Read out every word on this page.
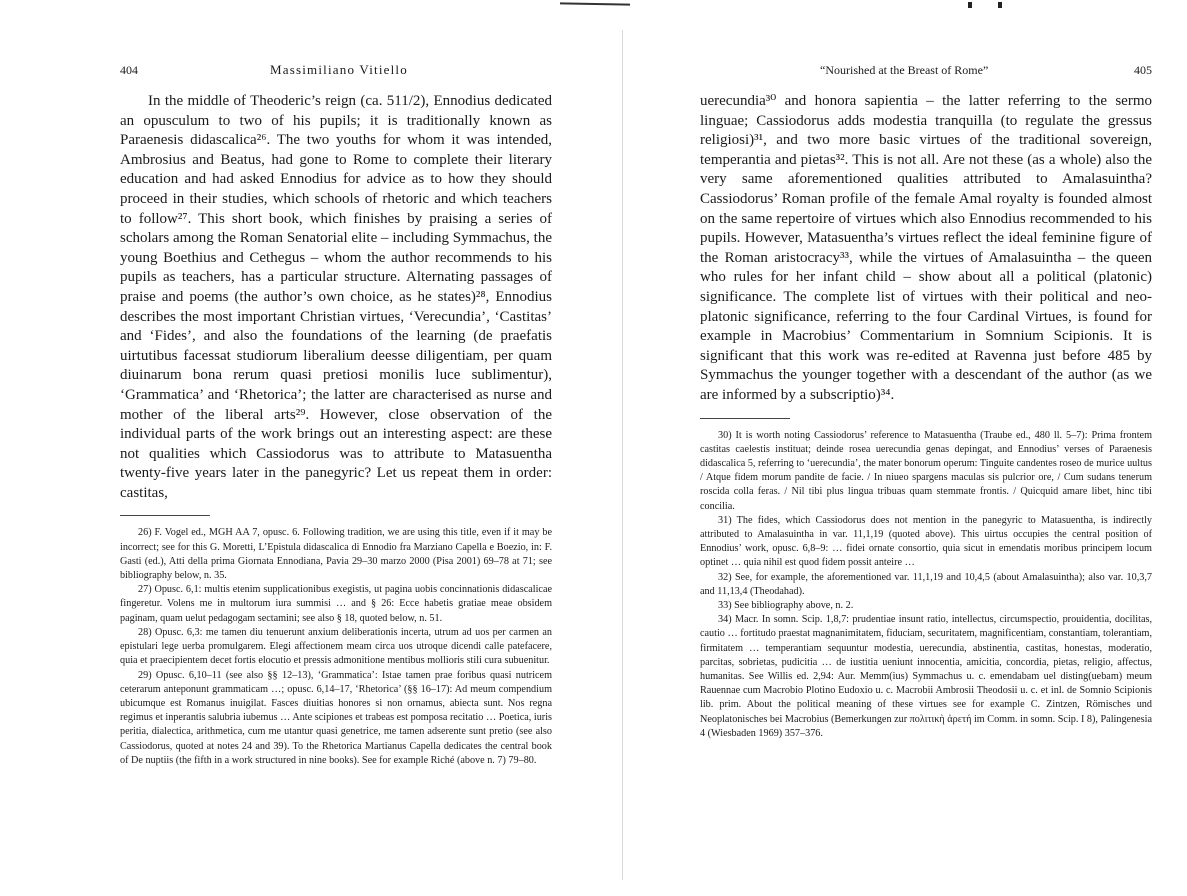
404	Massimiliano Vitiello

In the middle of Theoderic’s reign (ca. 511/2), Ennodius dedicated an opusculum to two of his pupils; it is traditionally known as Paraenesis didascalica²⁶. The two youths for whom it was intended, Ambrosius and Beatus, had gone to Rome to complete their literary education and had asked Ennodius for advice as to how they should proceed in their studies, which schools of rhetoric and which teachers to follow²⁷. This short book, which finishes by praising a series of scholars among the Roman Senatorial elite – including Symmachus, the young Boethius and Cethegus – whom the author recommends to his pupils as teachers, has a particular structure. Alternating passages of praise and poems (the author’s own choice, as he states)²⁸, Ennodius describes the most important Christian virtues, ‘Verecundia’, ‘Castitas’ and ‘Fides’, and also the foundations of the learning (de praefatis uirtutibus facessat studiorum liberalium deesse diligentiam, per quam diuinarum bona rerum quasi pretiosi monilis luce sublimentur), ‘Grammatica’ and ‘Rhetorica’; the latter are characterised as nurse and mother of the liberal arts²⁹. However, close observation of the individual parts of the work brings out an interesting aspect: are these not qualities which Cassiodorus was to attribute to Matasuentha twenty-five years later in the panegyric? Let us repeat them in order: castitas,

26) F. Vogel ed., MGH AA 7, opusc. 6. Following tradition, we are using this title, even if it may be incorrect; see for this G. Moretti, L’Epistula didascalica di Ennodio fra Marziano Capella e Boezio, in: F. Gasti (ed.), Atti della prima Giornata Ennodiana, Pavia 29–30 marzo 2000 (Pisa 2001) 69–78 at 71; see bibliography below, n. 35.

27) Opusc. 6,1: multis etenim supplicationibus exegistis, ut pagina uobis concinnationis didascalicae fingeretur. Volens me in multorum iura summisi … and § 26: Ecce habetis gratiae meae obsidem paginam, quam uelut pedagogam sectamini; see also § 18, quoted below, n. 51.

28) Opusc. 6,3: me tamen diu tenuerunt anxium deliberationis incerta, utrum ad uos per carmen an epistulari lege uerba promulgarem. Elegi affectionem meam circa uos utroque dicendi calle patefacere, quia et praecipientem decet fortis elocutio et pressis admonitione mentibus mollioris stili cura subuenitur.

29) Opusc. 6,10–11 (see also §§ 12–13), ‘Grammatica’: Istae tamen prae foribus quasi nutricem ceterarum anteponunt grammaticam …; opusc. 6,14–17, ‘Rhetorica’ (§§ 16–17): Ad meum compendium ubicumque est Romanus inuigilat. Fasces diuitias honores si non ornamus, abiecta sunt. Nos regna regimus et inperantis salubria iubemus … Ante scipiones et trabeas est pomposa recitatio … Poetica, iuris peritia, dialectica, arithmetica, cum me utantur quasi genetrice, me tamen adserente sunt pretio (see also Cassiodorus, quoted at notes 24 and 39). To the Rhetorica Martianus Capella dedicates the central book of De nuptiis (the fifth in a work structured in nine books). See for example Riché (above n. 7) 79–80.

“Nourished at the Breast of Rome”	405

uerecundia³⁰ and honora sapientia – the latter referring to the sermo linguae; Cassiodorus adds modestia tranquilla (to regulate the gressus religiosi)³¹, and two more basic virtues of the traditional sovereign, temperantia and pietas³². This is not all. Are not these (as a whole) also the very same aforementioned qualities attributed to Amalasuintha? Cassiodorus’ Roman profile of the female Amal royalty is founded almost on the same repertoire of virtues which also Ennodius recommended to his pupils. However, Matasuentha’s virtues reflect the ideal feminine figure of the Roman aristocracy³³, while the virtues of Amalasuintha – the queen who rules for her infant child – show about all a political (platonic) significance. The complete list of virtues with their political and neo-platonic significance, referring to the four Cardinal Virtues, is found for example in Macrobius’ Commentarium in Somnium Scipionis. It is significant that this work was re-edited at Ravenna just before 485 by Symmachus the younger together with a descendant of the author (as we are informed by a subscriptio)³⁴.

30) It is worth noting Cassiodorus’ reference to Matasuentha (Traube ed., 480 ll. 5–7): Prima frontem castitas caelestis instituat; deinde rosea uerecundia genas depingat, and Ennodius’ verses of Paraenesis didascalica 5, referring to ‘uerecundia’, the mater bonorum operum: Tinguite candentes roseo de murice uultus / Atque fidem morum pandite de facie. / In niueo spargens maculas sis pulcrior ore, / Cum sudans tenerum roscida colla feras. / Nil tibi plus lingua tribuas quam stemmate frontis. / Quicquid amare libet, hinc tibi concilia.

31) The fides, which Cassiodorus does not mention in the panegyric to Matasuentha, is indirectly attributed to Amalasuintha in var. 11,1,19 (quoted above). This uirtus occupies the central position of Ennodius’ work, opusc. 6,8–9: … fidei ornate consortio, quia sicut in emendatis moribus principem locum optinet … quia nihil est quod fidem possit anteire …

32) See, for example, the aforementioned var. 11,1,19 and 10,4,5 (about Amalasuintha); also var. 10,3,7 and 11,13,4 (Theodahad).

33) See bibliography above, n. 2.

34) Macr. In somn. Scip. 1,8,7: prudentiae insunt ratio, intellectus, circumspectio, prouidentia, docilitas, cautio … fortitudo praestat magnanimitatem, fiduciam, securitatem, magnificentiam, constantiam, tolerantiam, firmitatem … temperantiam sequuntur modestia, uerecundia, abstinentia, castitas, honestas, moderatio, parcitas, sobrietas, pudicitia … de iustitia ueniunt innocentia, amicitia, concordia, pietas, religio, affectus, humanitas. See Willis ed. 2,94: Aur. Memm(ius) Symmachus u. c. emendabam uel disting(uebam) meum Rauennae cum Macrobio Plotino Eudoxio u. c. Macrobii Ambrosii Theodosii u. c. et inl. de Somnio Scipionis lib. prim. About the political meaning of these virtues see for example C. Zintzen, Römisches und Neoplatonisches bei Macrobius (Bemerkungen zur πολιτικὴ ἀρετή im Comm. in somn. Scip. I 8), Palingenesia 4 (Wiesbaden 1969) 357–376.
